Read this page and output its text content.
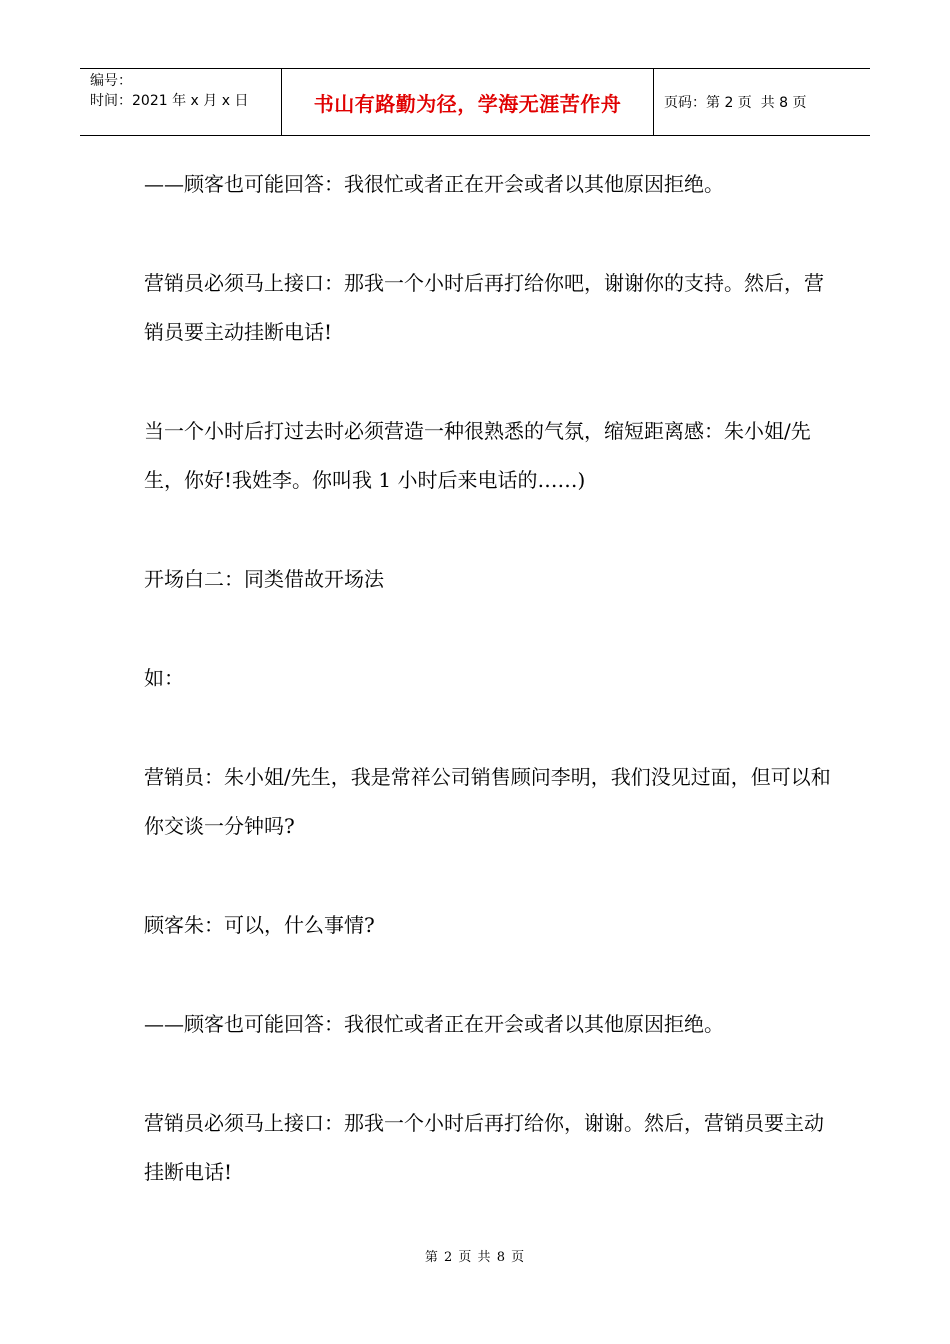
编号：
时间：2021 年 x 月 x 日	书山有路勤为径，学海无涯苦作舟	页码：第 2 页  共 8 页

——顾客也可能回答：我很忙或者正在开会或者以其他原因拒绝。

营销员必须马上接口：那我一个小时后再打给你吧，谢谢你的支持。然后，营销员要主动挂断电话!

当一个小时后打过去时必须营造一种很熟悉的气氛，缩短距离感：朱小姐/先生，你好!我姓李。你叫我 1 小时后来电话的……)

开场白二：同类借故开场法

如：

营销员：朱小姐/先生，我是常祥公司销售顾问李明，我们没见过面，但可以和你交谈一分钟吗?

顾客朱：可以，什么事情?

——顾客也可能回答：我很忙或者正在开会或者以其他原因拒绝。

营销员必须马上接口：那我一个小时后再打给你，谢谢。然后，营销员要主动挂断电话!

第 2 页 共 8 页
